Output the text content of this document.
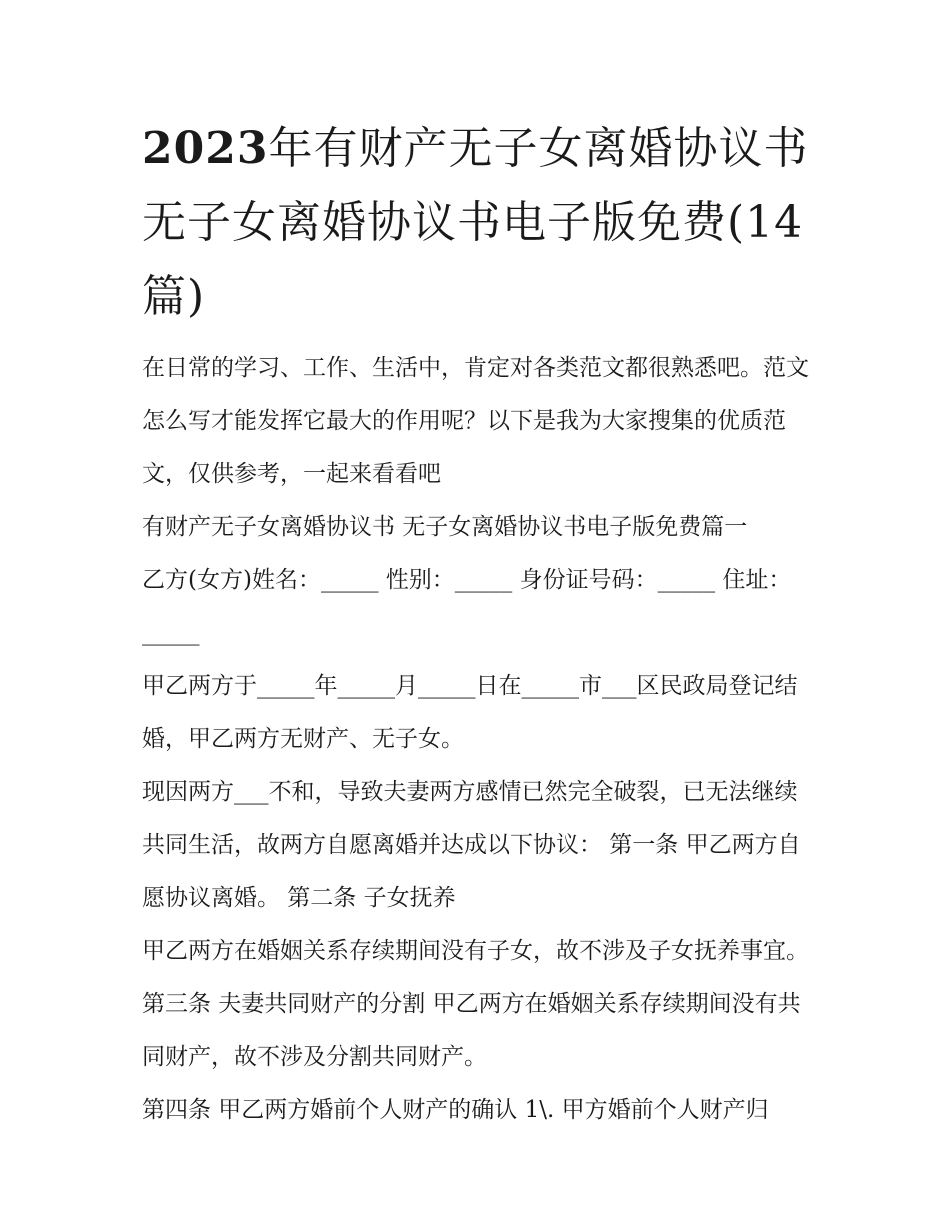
2023年有财产无子女离婚协议书 无子女离婚协议书电子版免费(14 篇)

在日常的学习、工作、生活中，肯定对各类范文都很熟悉吧。范文怎么写才能发挥它最大的作用呢？以下是我为大家搜集的优质范文，仅供参考，一起来看看吧

有财产无子女离婚协议书 无子女离婚协议书电子版免费篇一

乙方(女方)姓名：_____ 性别：_____ 身份证号码：_____ 住址：_____

甲乙两方于_____年_____月_____日在_____市___区民政局登记结婚，甲乙两方无财产、无子女。

现因两方___不和，导致夫妻两方感情已然完全破裂，已无法继续共同生活，故两方自愿离婚并达成以下协议： 第一条 甲乙两方自愿协议离婚。 第二条 子女抚养

甲乙两方在婚姻关系存续期间没有子女，故不涉及子女抚养事宜。 第三条 夫妻共同财产的分割 甲乙两方在婚姻关系存续期间没有共同财产，故不涉及分割共同财产。

第四条 甲乙两方婚前个人财产的确认 1\. 甲方婚前个人财产归
